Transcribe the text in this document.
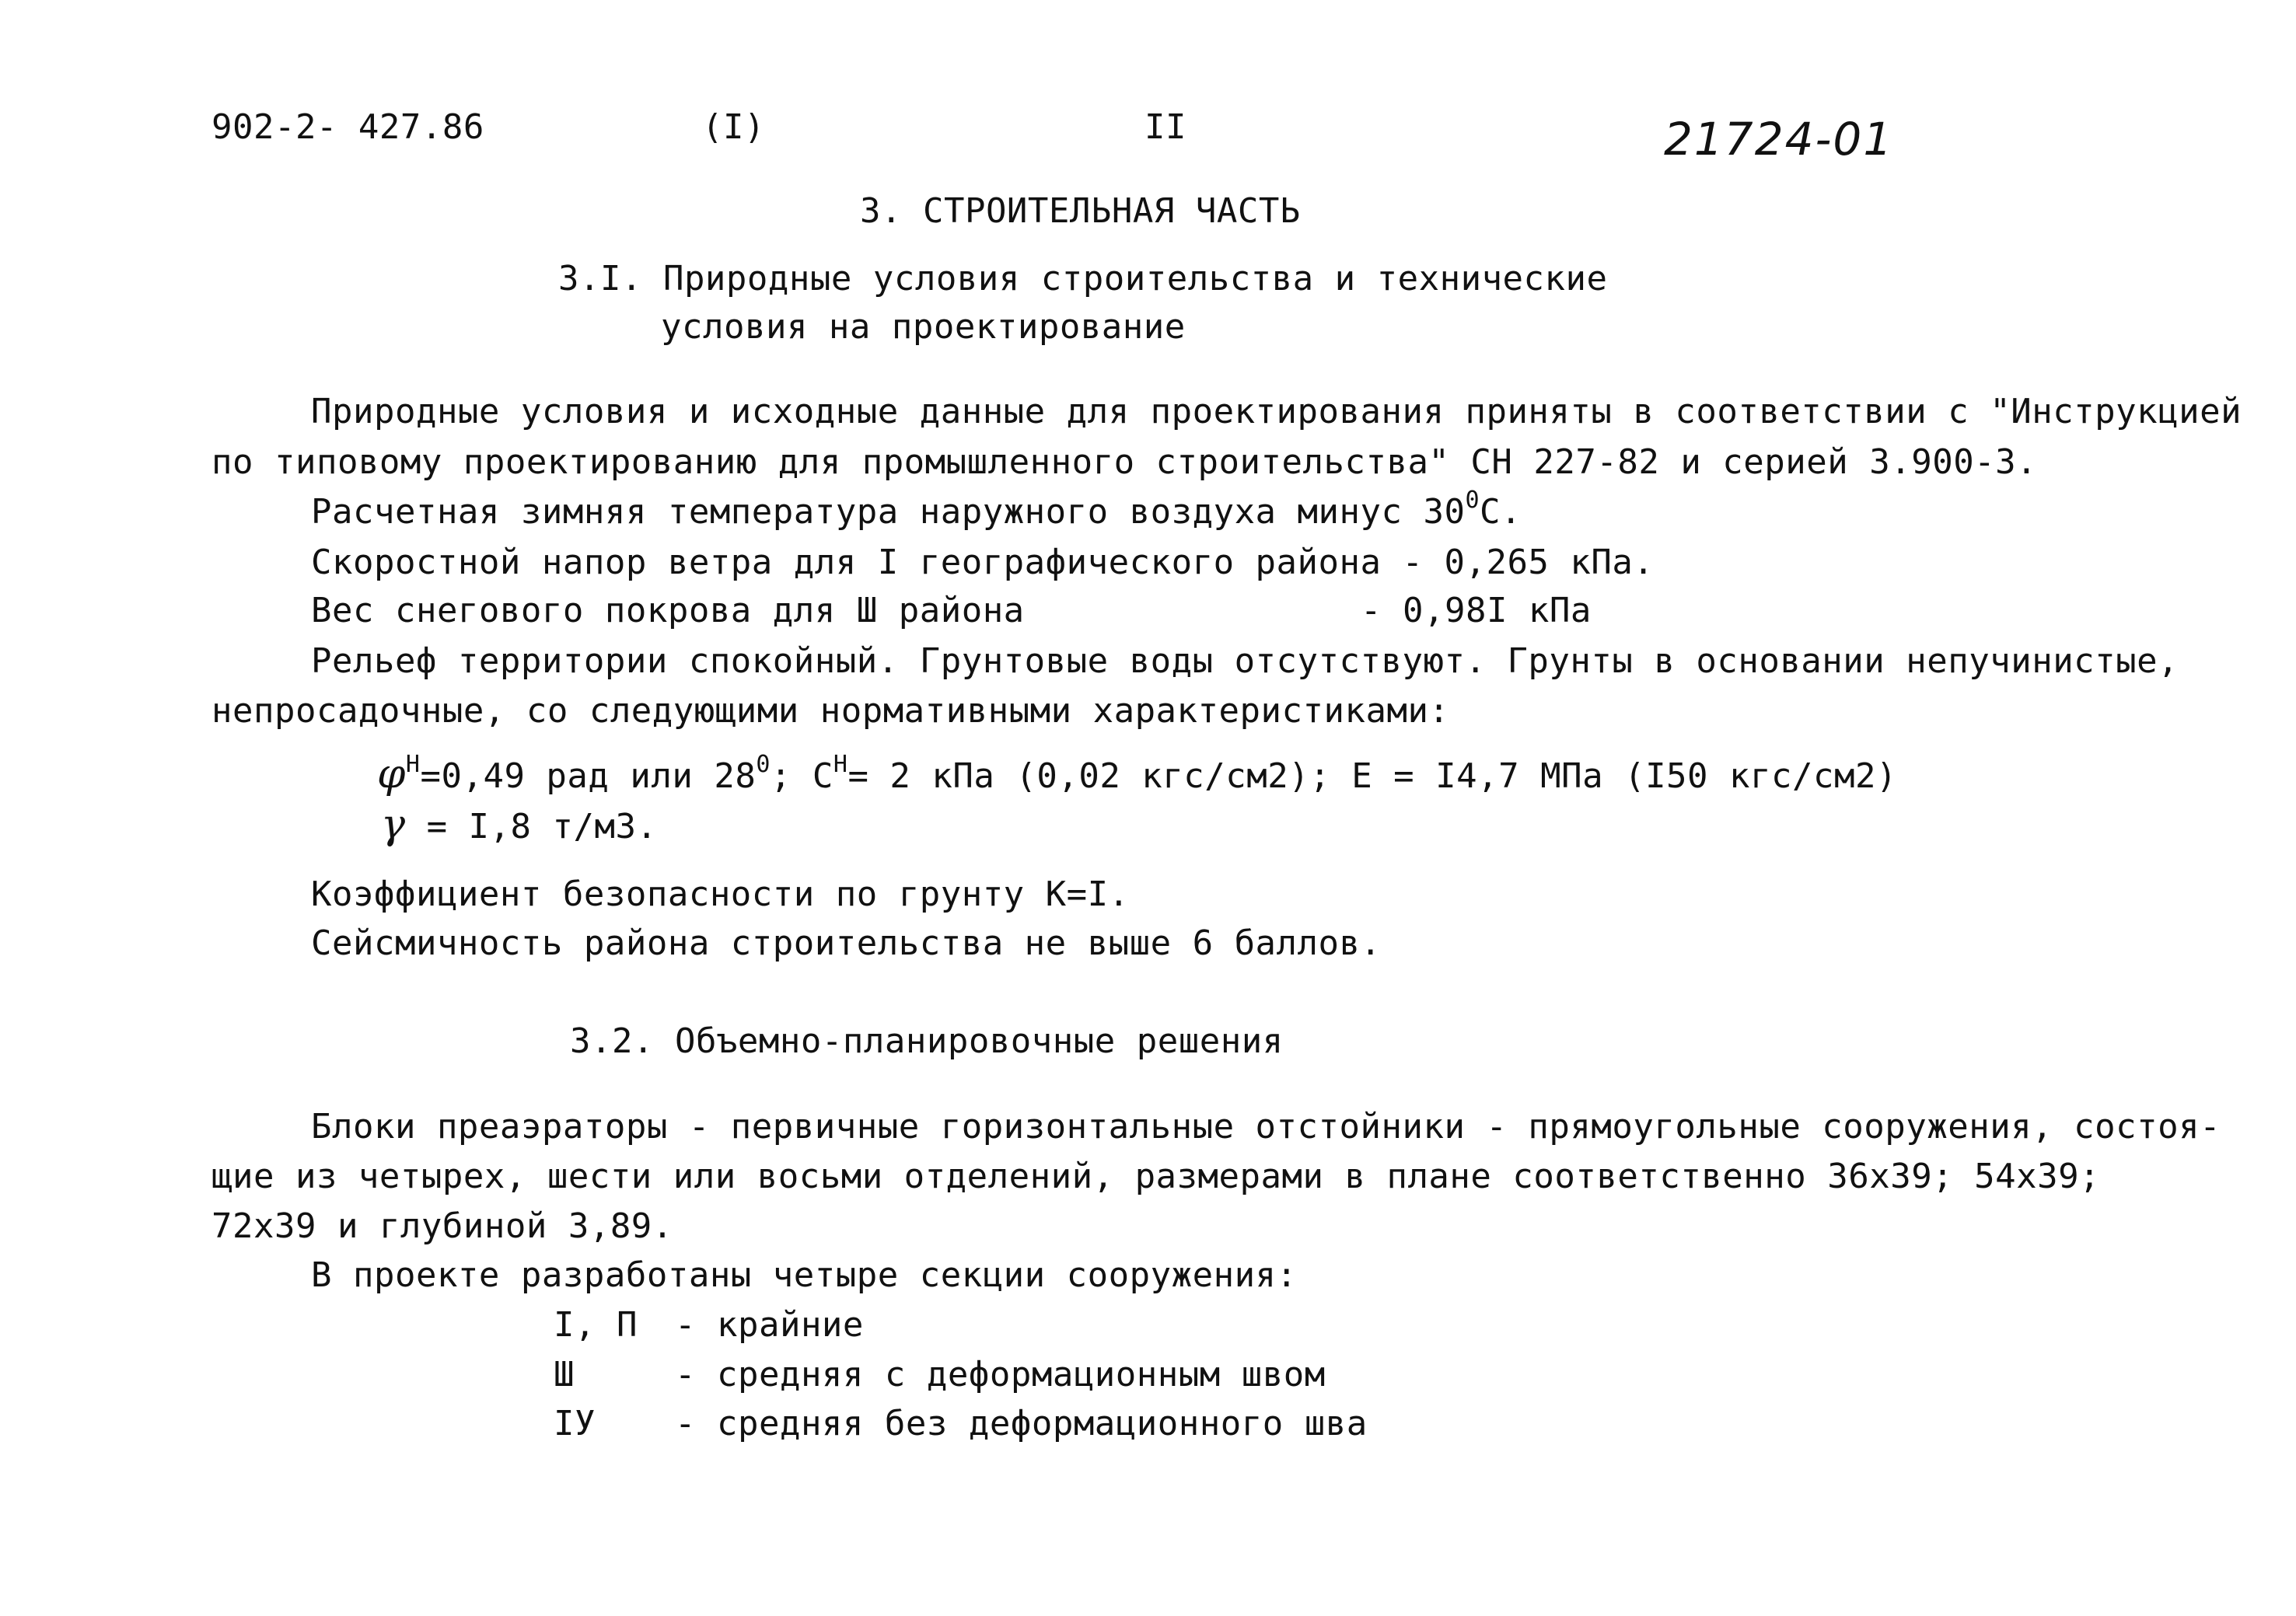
902-2- 427.86	(I)	II	21724-01
3. СТРОИТЕЛЬНАЯ ЧАСТЬ
3.I. Природные условия строительства и технические
условия на проектирование
Природные условия и исходные данные для проектирования приняты в соответствии с "Инструкцией
по типовому проектированию для промышленного строительства" СН 227-82 и серией 3.900-3.
Расчетная зимняя температура наружного воздуха минус $30^0С$.
Скоростной напор ветра для I географического района - 0,265 кПа.
Вес снегового покрова для Ш района	- 0,98I кПа
Рельеф территории спокойный. Грунтовые воды отсутствуют. Грунты в основании непучинистые,
непросадочные, со следующими нормативными характеристиками:
$\varphi^Н=0,49$ рад или $28^0$; $С^Н= 2$ кПа (0,02 кгс/см2); Е = I4,7 МПа (I50 кгс/см2)
γ = I,8 т/м3.
Коэффициент безопасности по грунту К=I.
Сейсмичность района строительства не выше 6 баллов.
3.2. Объемно-планировочные решения
Блоки преаэраторы - первичные горизонтальные отстойники - прямоугольные сооружения, состоя-
щие из четырех, шести или восьми отделений, размерами в плане соответственно 36х39; 54х39;
72х39 и глубиной 3,89.
В проекте разработаны четыре секции сооружения:
I, П - крайние
Ш	- средняя с деформационным швом
IУ - средняя без деформационного шва
